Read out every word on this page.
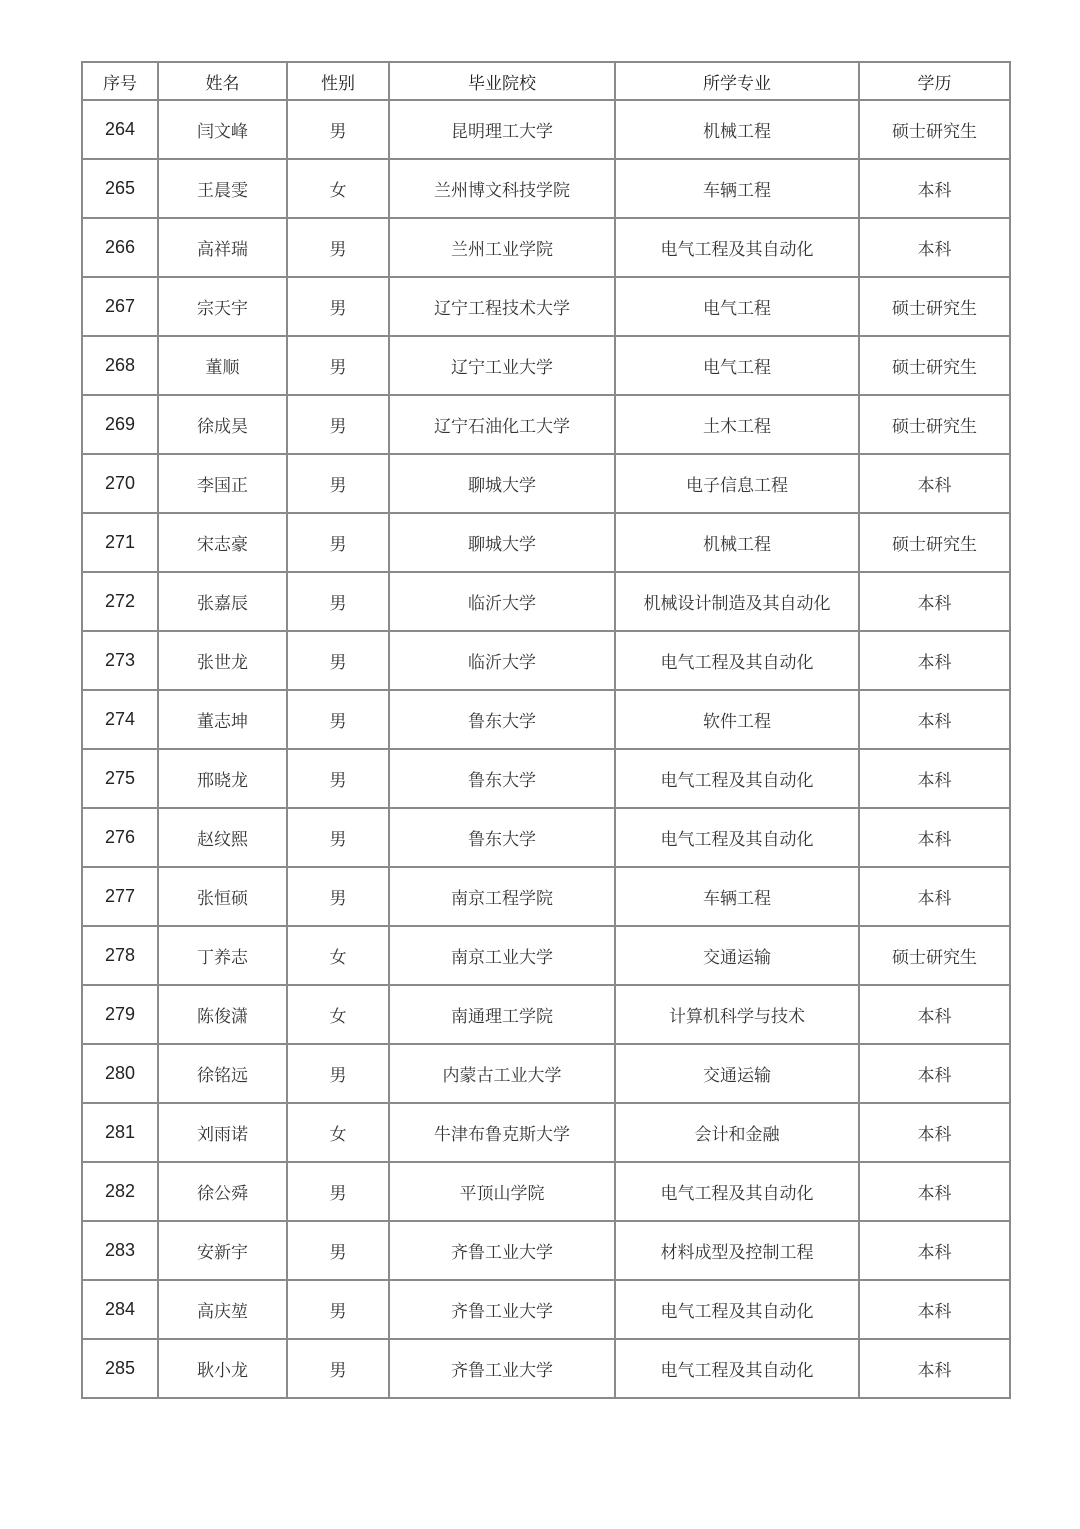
序号	姓名	性别	毕业院校	所学专业	学历
264	闫文峰	男	昆明理工大学	机械工程	硕士研究生
265	王晨雯	女	兰州博文科技学院	车辆工程	本科
266	高祥瑞	男	兰州工业学院	电气工程及其自动化	本科
267	宗天宇	男	辽宁工程技术大学	电气工程	硕士研究生
268	董顺	男	辽宁工业大学	电气工程	硕士研究生
269	徐成昊	男	辽宁石油化工大学	土木工程	硕士研究生
270	李国正	男	聊城大学	电子信息工程	本科
271	宋志豪	男	聊城大学	机械工程	硕士研究生
272	张嘉辰	男	临沂大学	机械设计制造及其自动化	本科
273	张世龙	男	临沂大学	电气工程及其自动化	本科
274	董志坤	男	鲁东大学	软件工程	本科
275	邢晓龙	男	鲁东大学	电气工程及其自动化	本科
276	赵纹熙	男	鲁东大学	电气工程及其自动化	本科
277	张恒硕	男	南京工程学院	车辆工程	本科
278	丁养志	女	南京工业大学	交通运输	硕士研究生
279	陈俊潇	女	南通理工学院	计算机科学与技术	本科
280	徐铭远	男	内蒙古工业大学	交通运输	本科
281	刘雨诺	女	牛津布鲁克斯大学	会计和金融	本科
282	徐公舜	男	平顶山学院	电气工程及其自动化	本科
283	安新宇	男	齐鲁工业大学	材料成型及控制工程	本科
284	高庆堃	男	齐鲁工业大学	电气工程及其自动化	本科
285	耿小龙	男	齐鲁工业大学	电气工程及其自动化	本科
